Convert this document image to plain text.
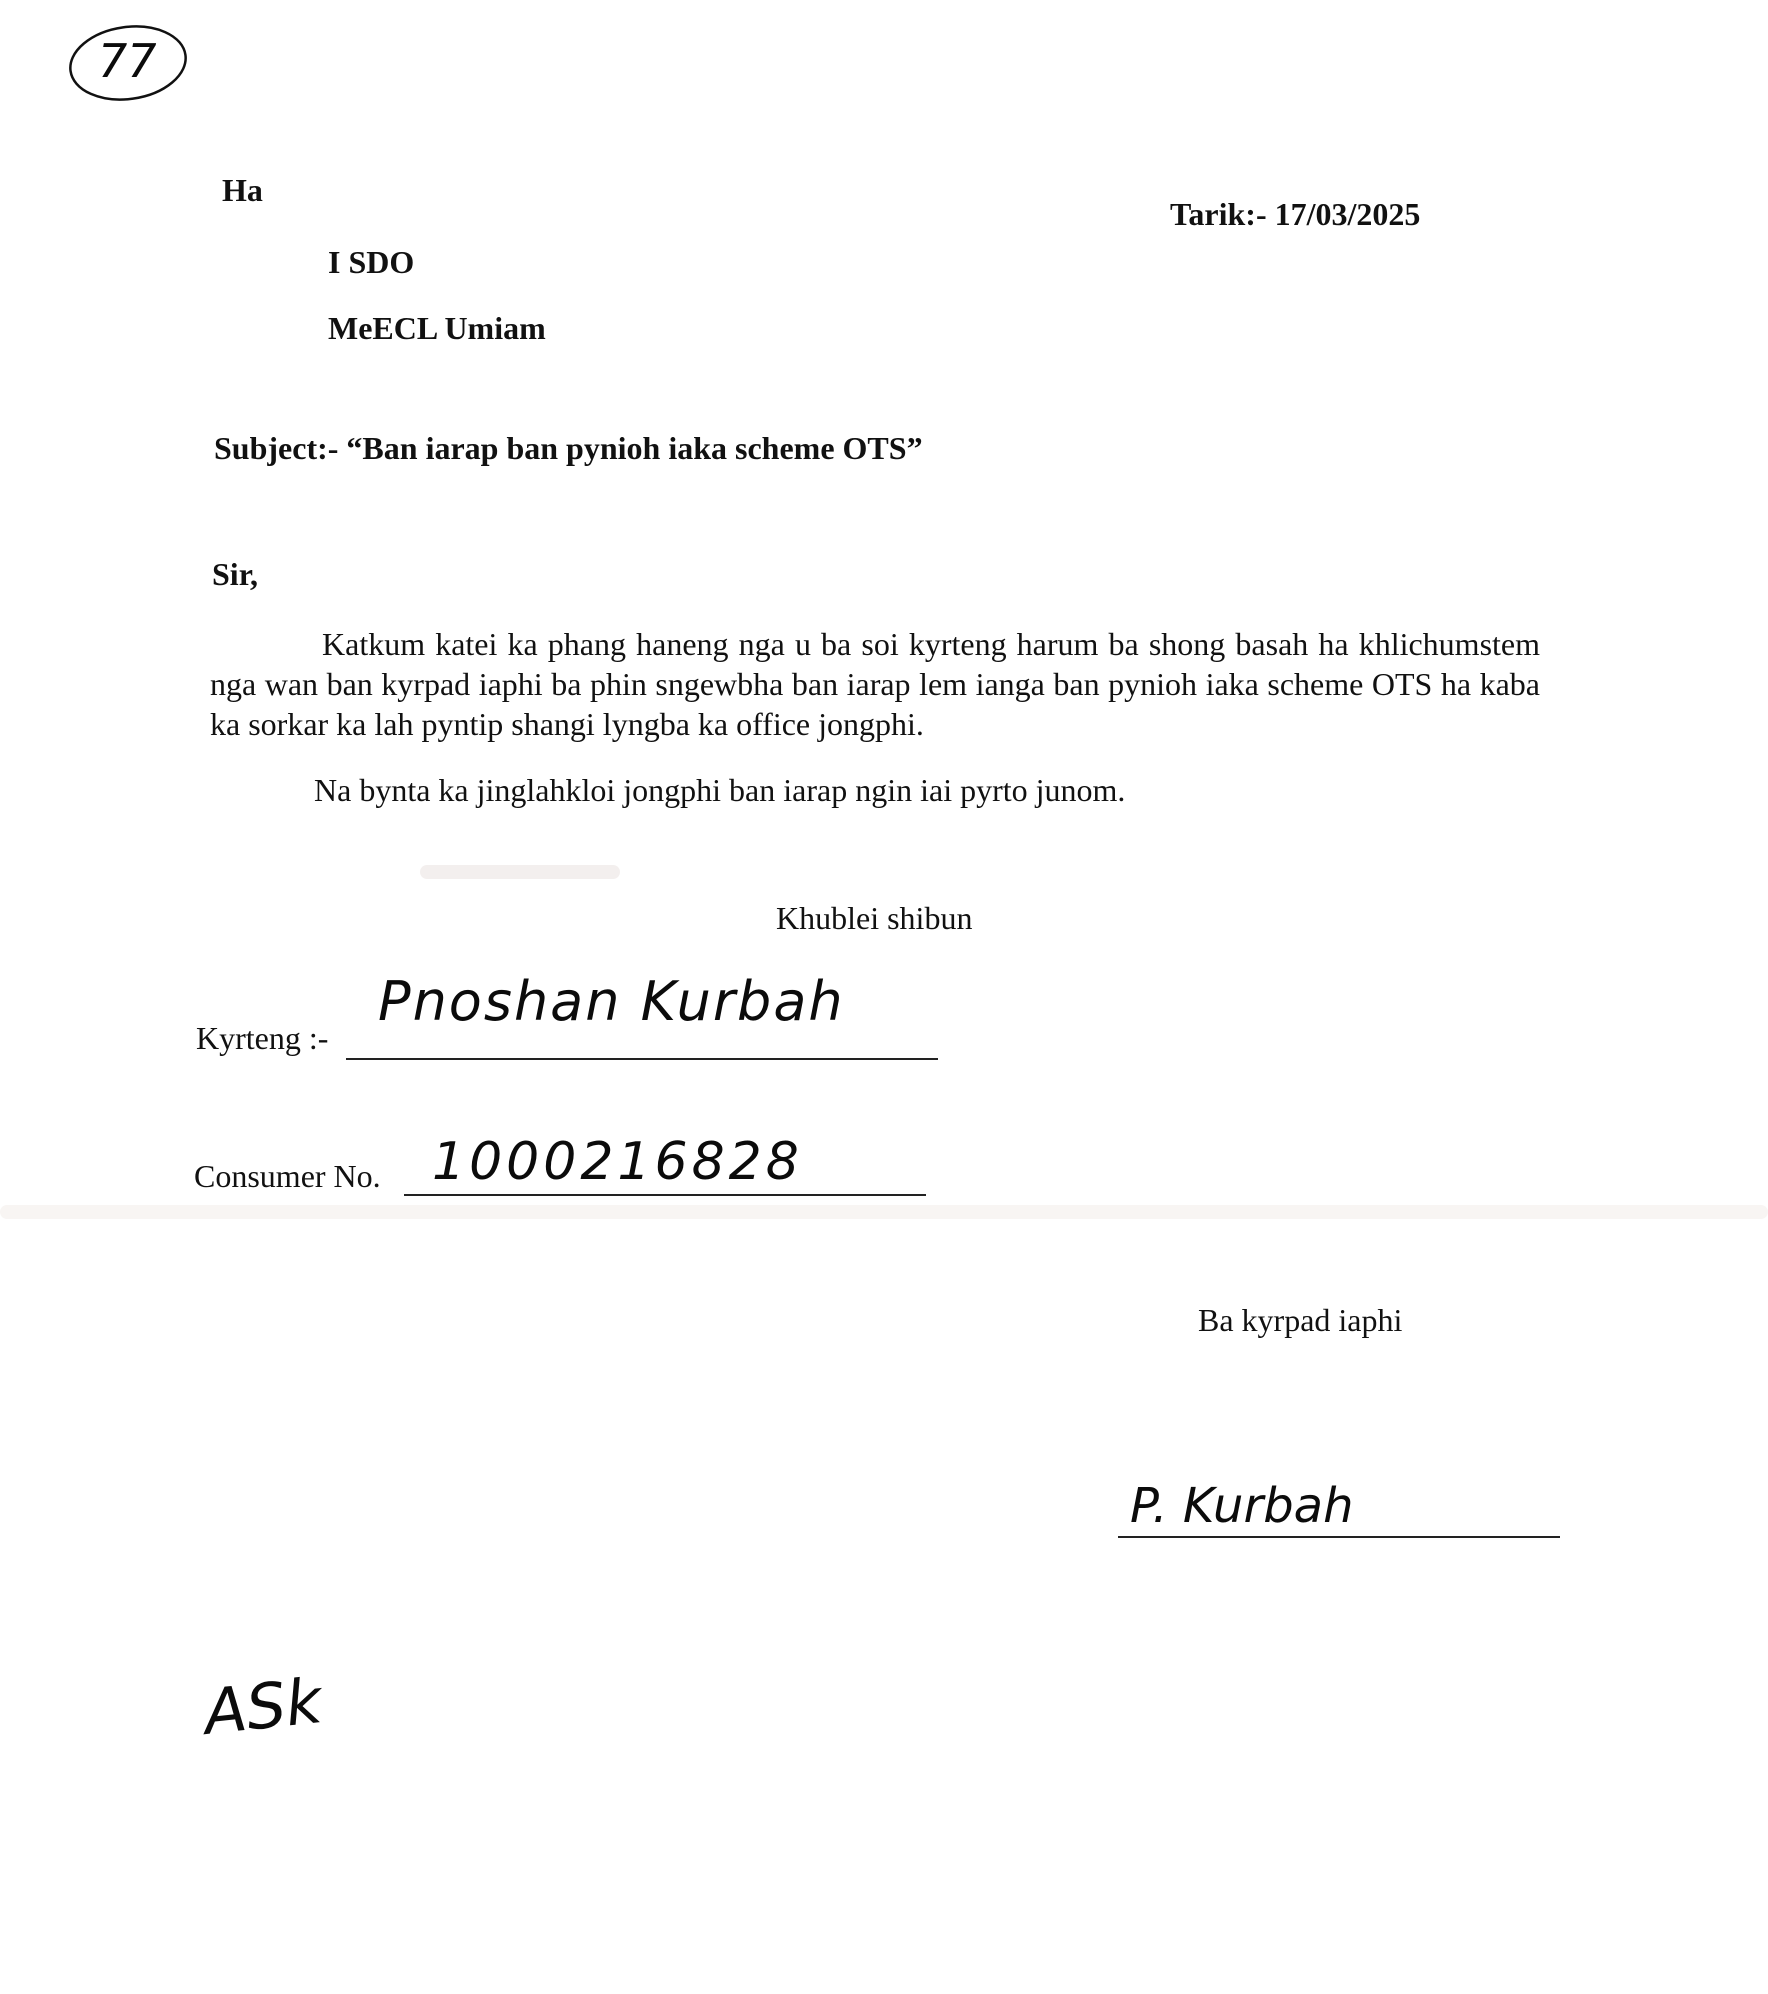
77
Ha
Tarik:- 17/03/2025
I SDO
MeECL Umiam
Subject:- “Ban iarap ban pynioh iaka scheme OTS”
Sir,
Katkum katei ka phang haneng nga u ba soi kyrteng harum ba shong basah ha khlichumstem nga wan ban kyrpad iaphi ba phin sngewbha ban iarap lem ianga ban pynioh iaka scheme OTS ha kaba ka sorkar ka lah pyntip shangi lyngba ka office jongphi.
Na bynta ka jinglahkloi jongphi ban iarap ngin iai pyrto junom.
Khublei shibun
Kyrteng :-
Pnoshan Kurbah
Consumer No. 1000216828
Ba kyrpad iaphi
P. Kurbah
ASk
